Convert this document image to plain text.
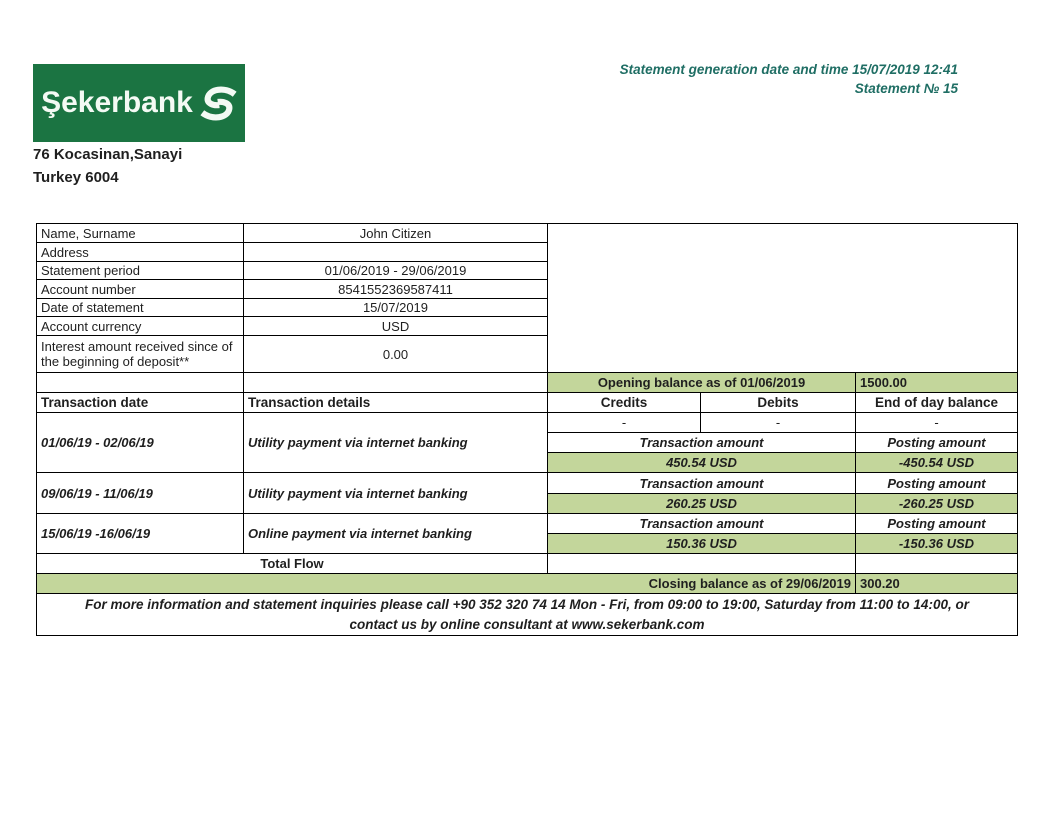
Şekerbank
Statement generation date and time 15/07/2019 12:41
Statement № 15
76 Kocasinan,Sanayi
Turkey 6004
Name, Surname	John Citizen			
Address				
Statement period	01/06/2019 - 29/06/2019			
Account number	8541552369587411			
Date of statement	15/07/2019			
Account currency	USD			
Interest amount received since of the beginning of deposit**	0.00			
		Opening balance as of 01/06/2019		1500.00
Transaction date	Transaction details	Credits	Debits	End of day balance
01/06/19 - 02/06/19	Utility payment via internet banking	-	-	-
		Transaction amount		Posting amount
		450.54 USD		-450.54 USD
09/06/19 - 11/06/19	Utility payment via internet banking	Transaction amount		Posting amount
		260.25 USD		-260.25 USD
15/06/19 -16/06/19	Online payment via internet banking	Transaction amount		Posting amount
		150.36 USD		-150.36 USD
Total Flow				
Closing balance as of 29/06/2019				300.20

For more information and statement inquiries please call +90 352 320 74 14 Mon - Fri, from 09:00 to 19:00, Saturday from 11:00 to 14:00, or
contact us by online consultant at www.sekerbank.com				
